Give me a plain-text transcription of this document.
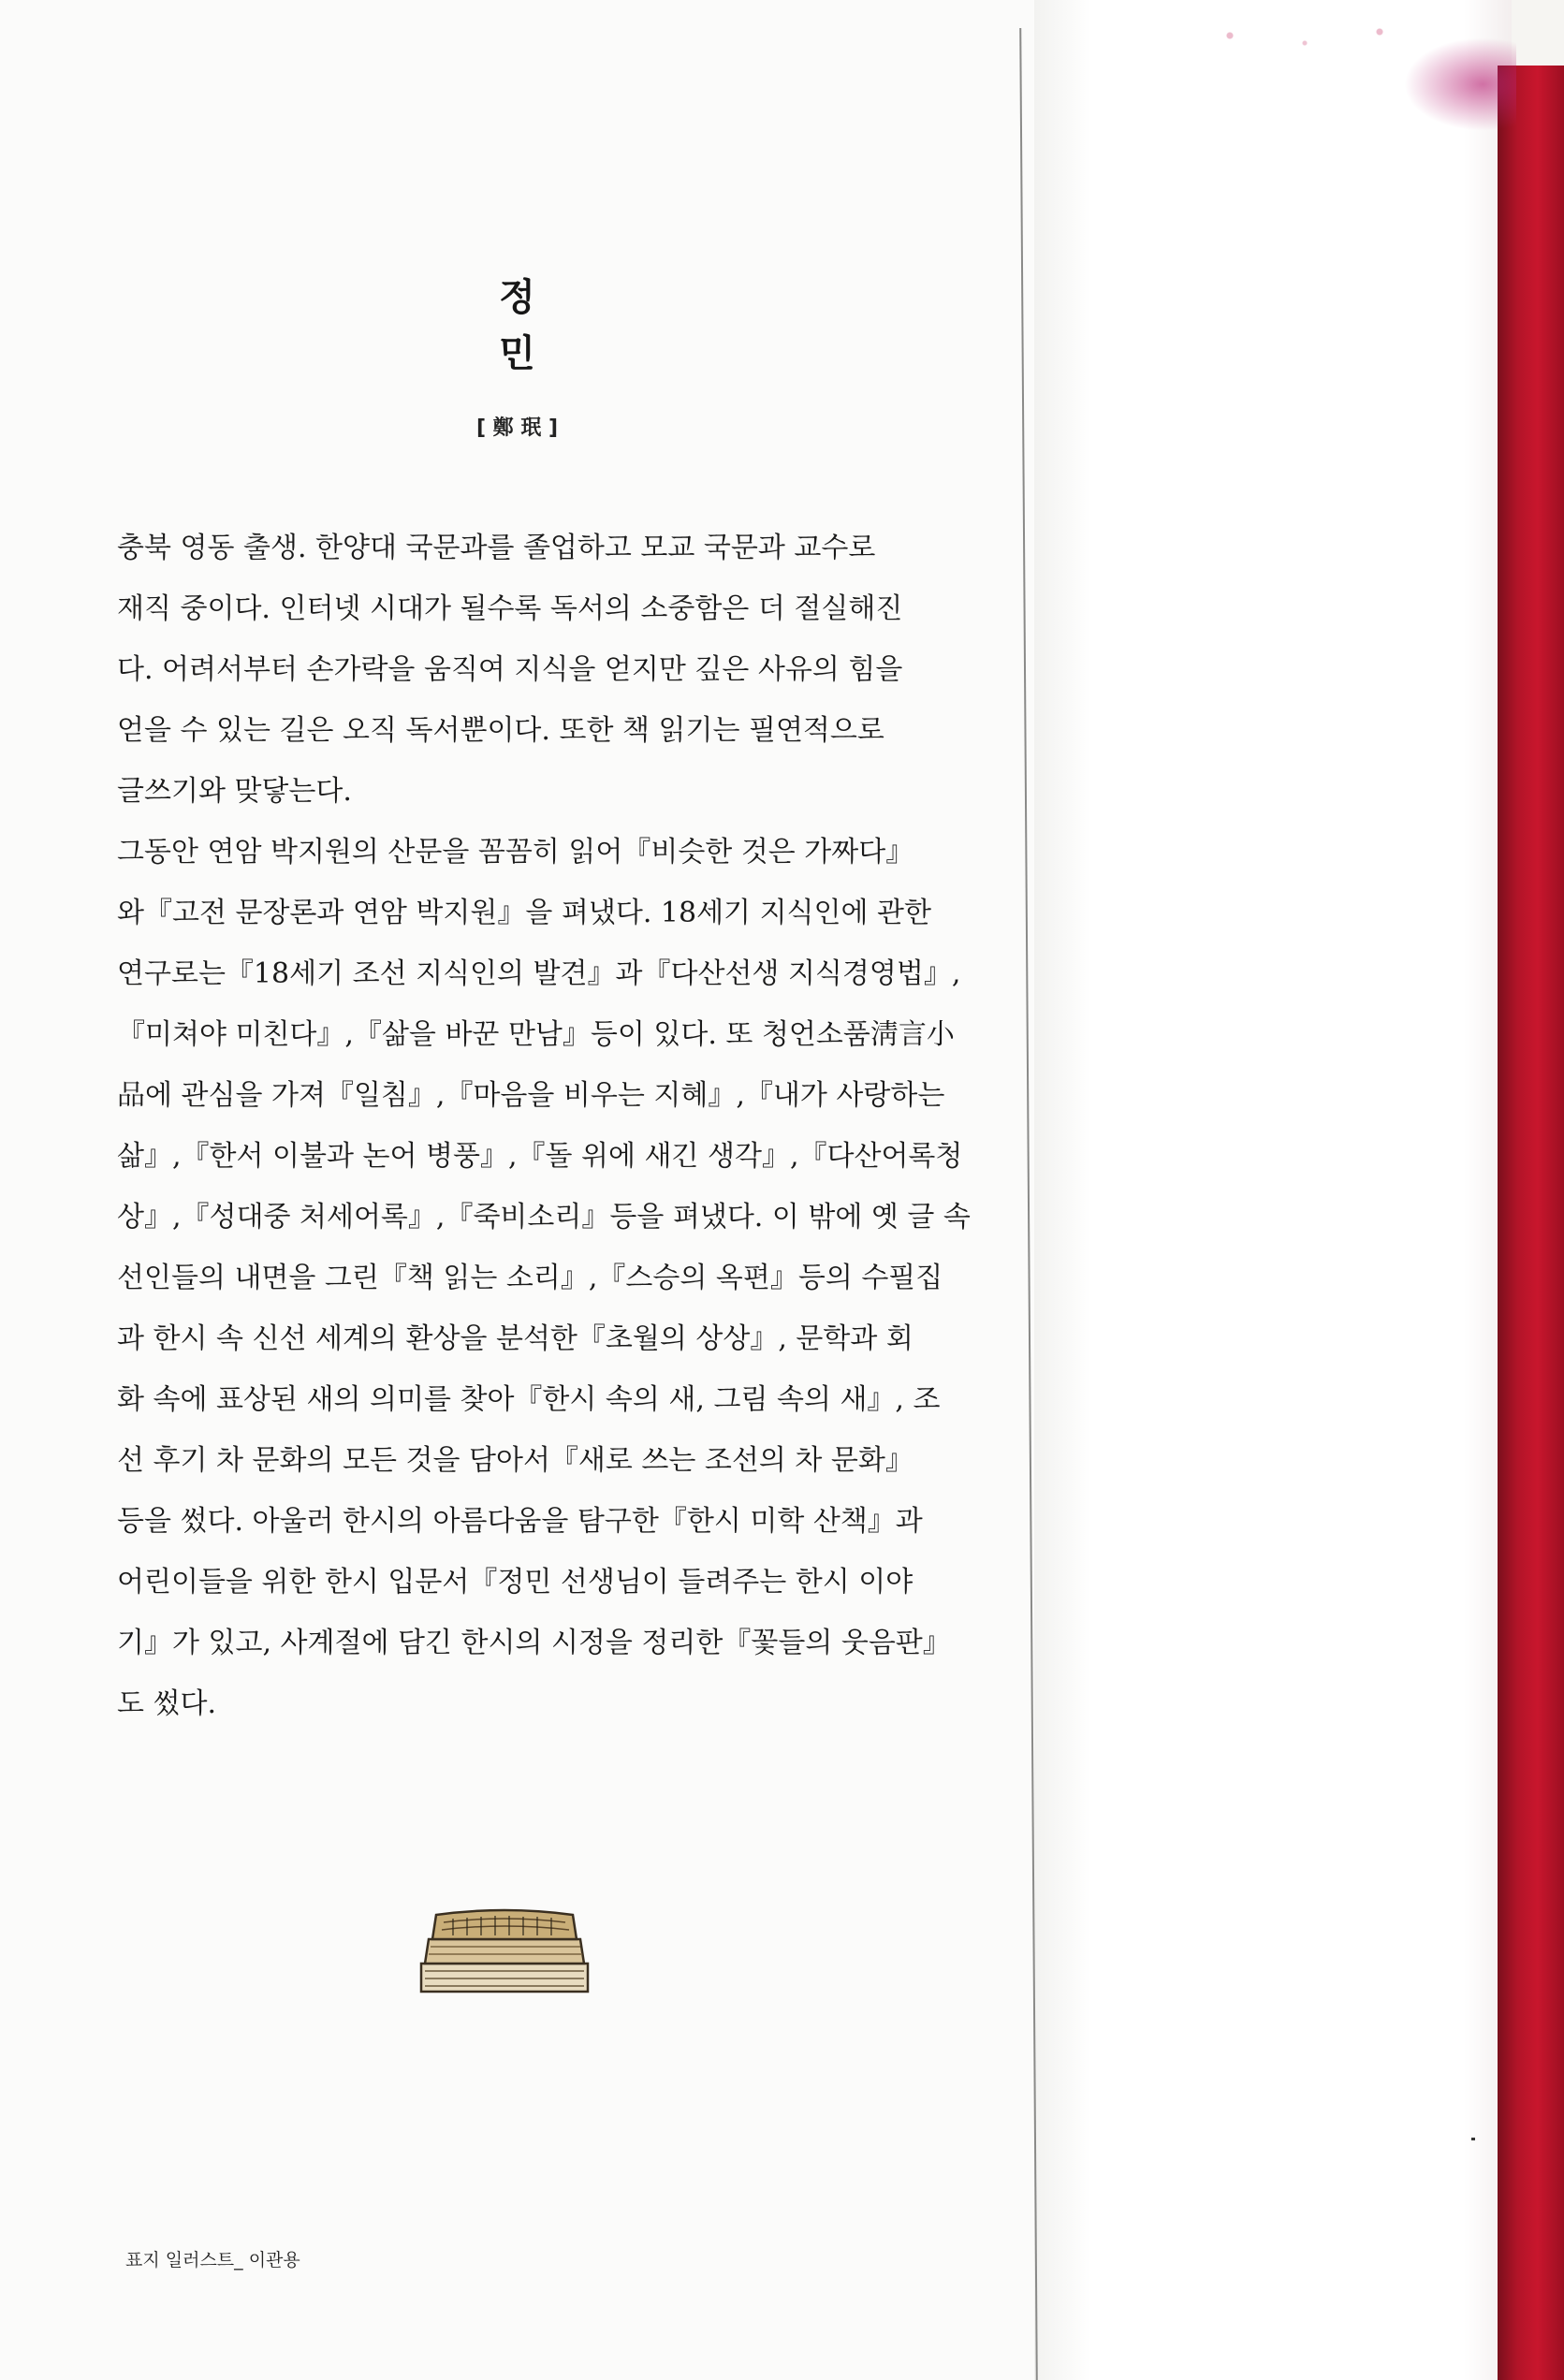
정
민
[ 鄭 珉 ]
충북 영동 출생. 한양대 국문과를 졸업하고 모교 국문과 교수로
재직 중이다. 인터넷 시대가 될수록 독서의 소중함은 더 절실해진
다. 어려서부터 손가락을 움직여 지식을 얻지만 깊은 사유의 힘을
얻을 수 있는 길은 오직 독서뿐이다. 또한 책 읽기는 필연적으로
글쓰기와 맞닿는다.
그동안 연암 박지원의 산문을 꼼꼼히 읽어『비슷한 것은 가짜다』
와『고전 문장론과 연암 박지원』을 펴냈다. 18세기 지식인에 관한
연구로는『18세기 조선 지식인의 발견』과『다산선생 지식경영법』,
『미쳐야 미친다』,『삶을 바꾼 만남』등이 있다. 또 청언소품淸言小
品에 관심을 가져『일침』,『마음을 비우는 지혜』,『내가 사랑하는
삶』,『한서 이불과 논어 병풍』,『돌 위에 새긴 생각』,『다산어록청
상』,『성대중 처세어록』,『죽비소리』등을 펴냈다. 이 밖에 옛 글 속
선인들의 내면을 그린『책 읽는 소리』,『스승의 옥편』등의 수필집
과 한시 속 신선 세계의 환상을 분석한『초월의 상상』, 문학과 회
화 속에 표상된 새의 의미를 찾아『한시 속의 새, 그림 속의 새』, 조
선 후기 차 문화의 모든 것을 담아서『새로 쓰는 조선의 차 문화』
등을 썼다. 아울러 한시의 아름다움을 탐구한『한시 미학 산책』과
어린이들을 위한 한시 입문서『정민 선생님이 들려주는 한시 이야
기』가 있고, 사계절에 담긴 한시의 시정을 정리한『꽃들의 웃음판』
도 썼다.
표지 일러스트_ 이관용
